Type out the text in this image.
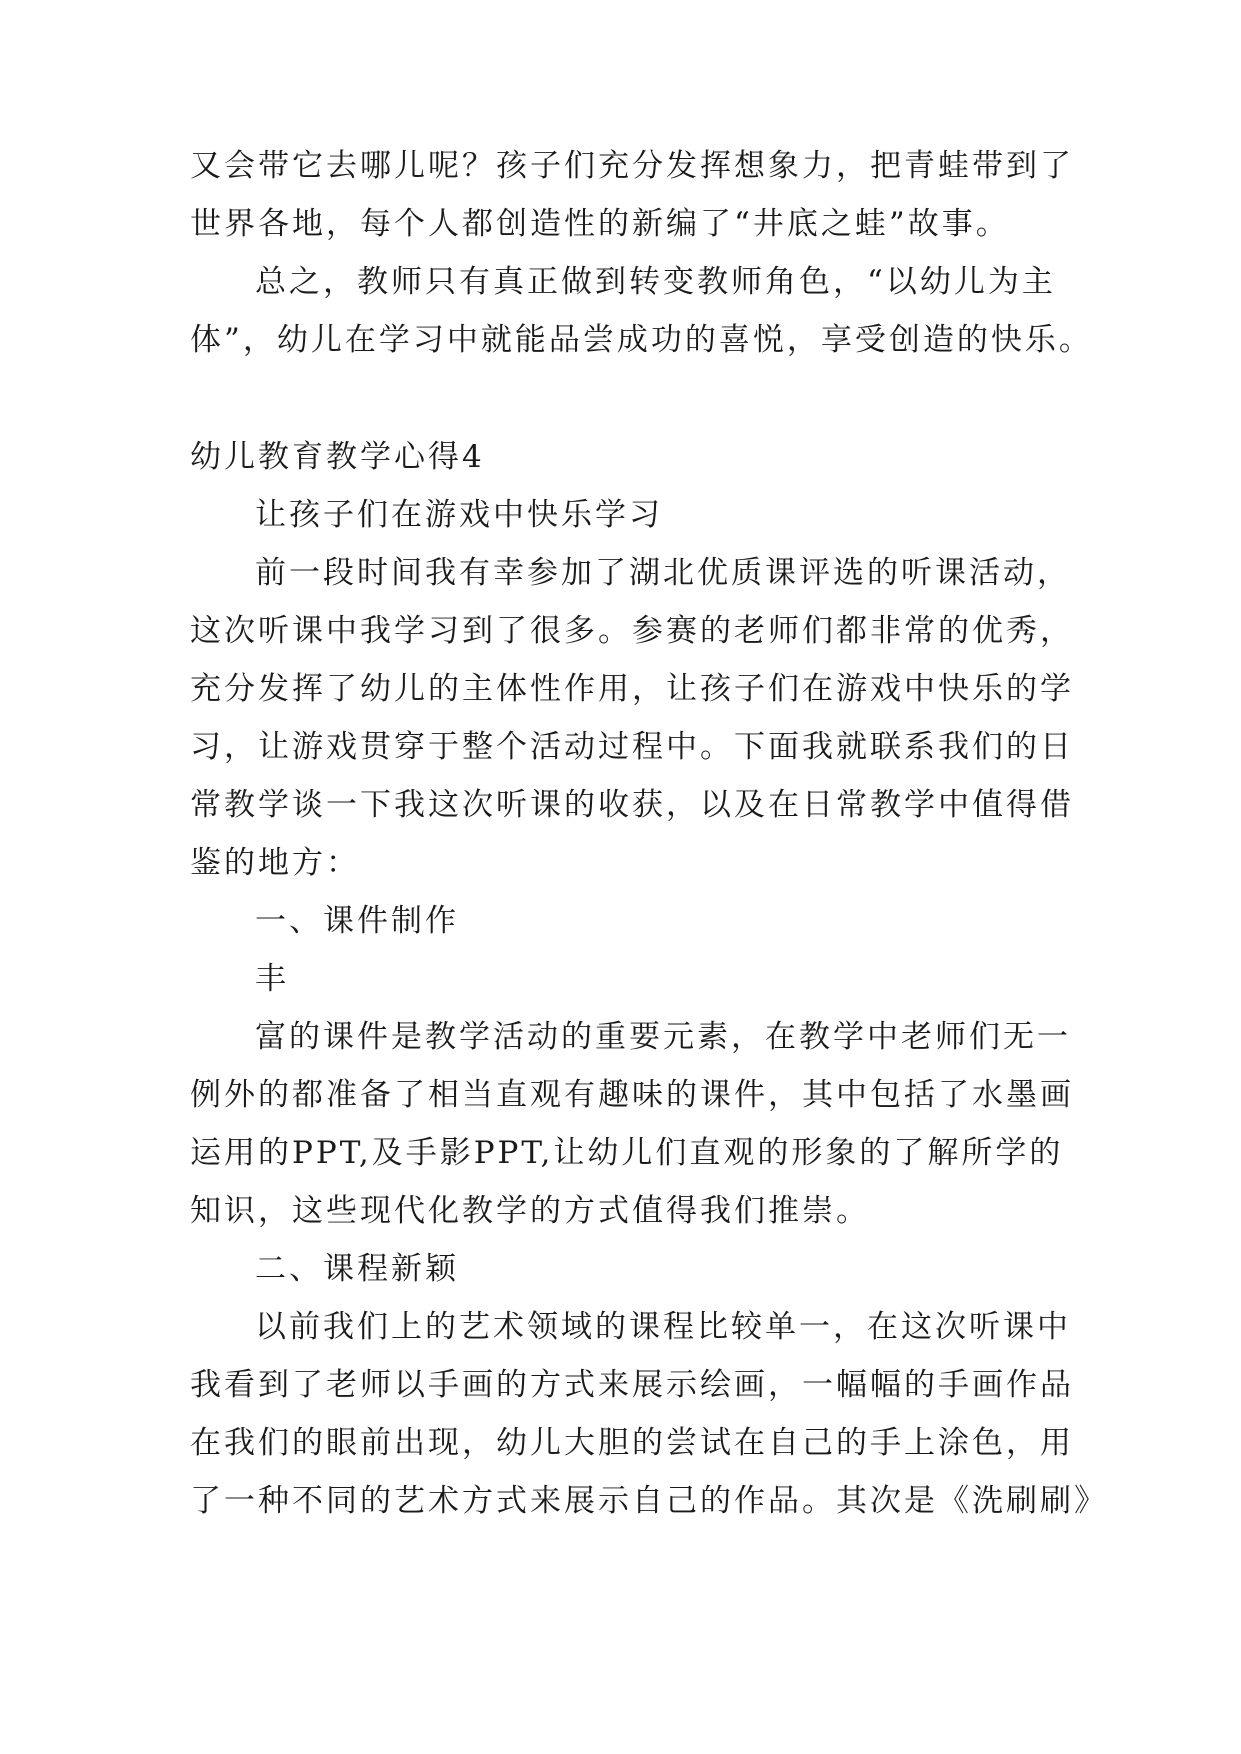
又会带它去哪儿呢？孩子们充分发挥想象力，把青蛙带到了
世界各地，每个人都创造性的新编了“井底之蛙”故事。
总之，教师只有真正做到转变教师角色，“以幼儿为主
体”，幼儿在学习中就能品尝成功的喜悦，享受创造的快乐。
幼儿教育教学心得4
让孩子们在游戏中快乐学习
前一段时间我有幸参加了湖北优质课评选的听课活动，
这次听课中我学习到了很多。参赛的老师们都非常的优秀，
充分发挥了幼儿的主体性作用，让孩子们在游戏中快乐的学
习，让游戏贯穿于整个活动过程中。下面我就联系我们的日
常教学谈一下我这次听课的收获，以及在日常教学中值得借
鉴的地方：
一、课件制作
丰
富的课件是教学活动的重要元素，在教学中老师们无一
例外的都准备了相当直观有趣味的课件，其中包括了水墨画
运用的PPT,及手影PPT,让幼儿们直观的形象的了解所学的
知识，这些现代化教学的方式值得我们推崇。
二、课程新颖
以前我们上的艺术领域的课程比较单一，在这次听课中
我看到了老师以手画的方式来展示绘画，一幅幅的手画作品
在我们的眼前出现，幼儿大胆的尝试在自己的手上涂色，用
了一种不同的艺术方式来展示自己的作品。其次是《洗刷刷》
